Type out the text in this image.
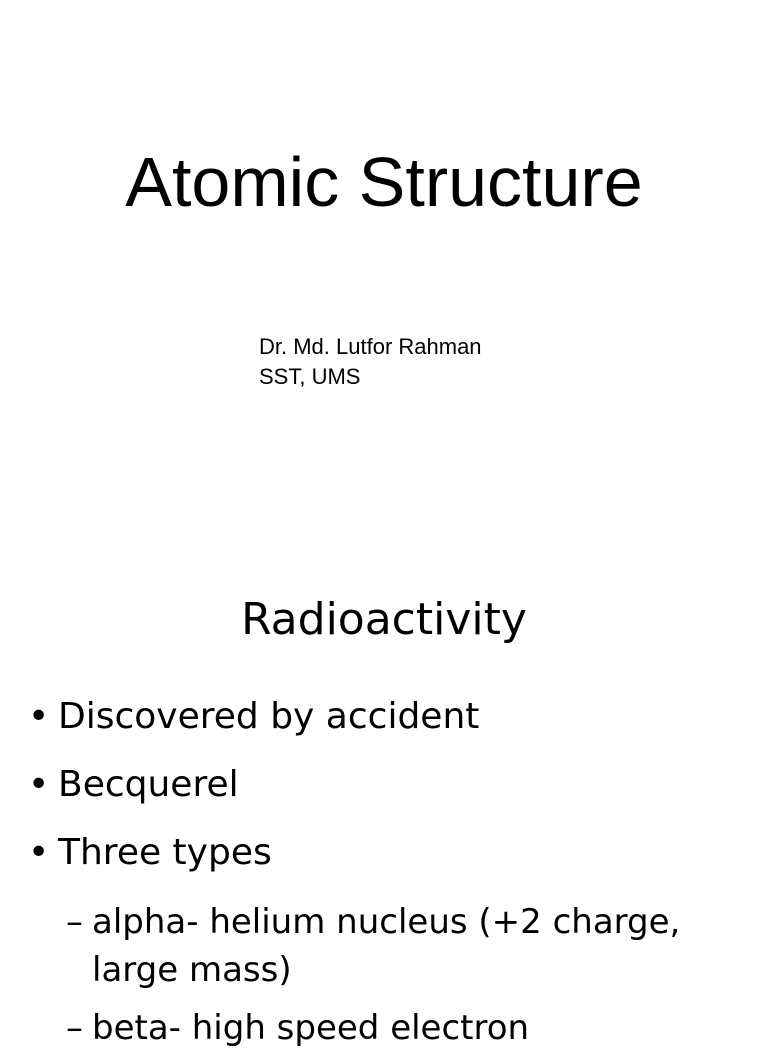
Atomic Structure
Dr. Md. Lutfor Rahman
SST, UMS
Radioactivity
• Discovered by accident
• Becquerel
• Three types
– alpha- helium nucleus (+2 charge, large mass)
– beta- high speed electron
